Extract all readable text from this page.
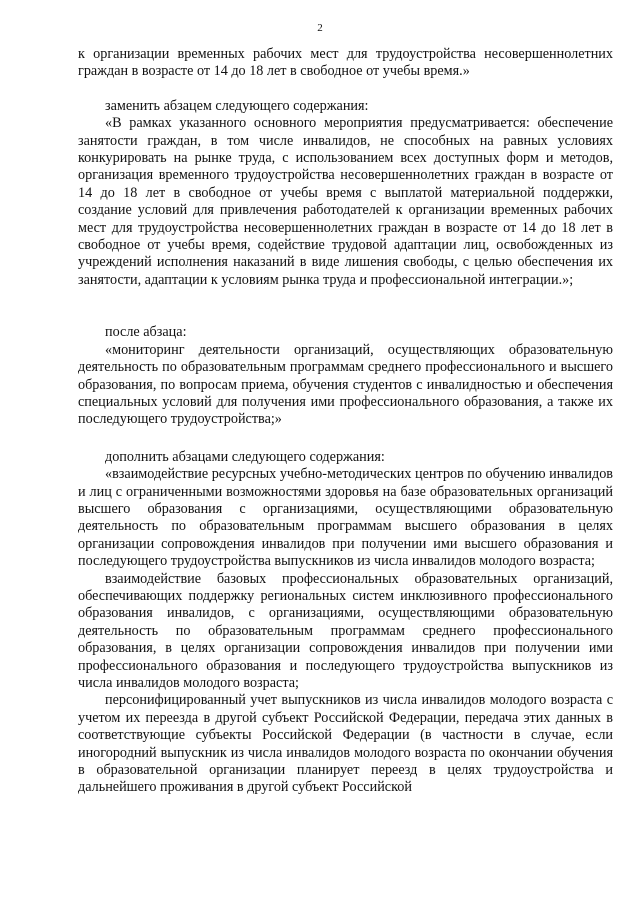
2

к организации временных рабочих мест для трудоустройства несовершеннолетних граждан в возрасте от 14 до 18 лет в свободное от учебы время.»

заменить абзацем следующего содержания:

«В рамках указанного основного мероприятия предусматривается: обеспечение занятости граждан, в том числе инвалидов, не способных на равных условиях конкурировать на рынке труда, с использованием всех доступных форм и методов, организация временного трудоустройства несовершеннолетних граждан в возрасте от 14 до 18 лет в свободное от учебы время с выплатой материальной поддержки, создание условий для привлечения работодателей к организации временных рабочих мест для трудоустройства несовершеннолетних граждан в возрасте от 14 до 18 лет в свободное от учебы время, содействие трудовой адаптации лиц, освобожденных из учреждений исполнения наказаний в виде лишения свободы, с целью обеспечения их занятости, адаптации к условиям рынка труда и профессиональной интеграции.»;

после абзаца:

«мониторинг деятельности организаций, осуществляющих образовательную деятельность по образовательным программам среднего профессионального и высшего образования, по вопросам приема, обучения студентов с инвалидностью и обеспечения специальных условий для получения ими профессионального образования, а также их последующего трудоустройства;»

дополнить абзацами следующего содержания:

«взаимодействие ресурсных учебно-методических центров по обучению инвалидов и лиц с ограниченными возможностями здоровья на базе образовательных организаций высшего образования с организациями, осуществляющими образовательную деятельность по образовательным программам высшего образования в целях организации сопровождения инвалидов при получении ими высшего образования и последующего трудоустройства выпускников из числа инвалидов молодого возраста;

взаимодействие базовых профессиональных образовательных организаций, обеспечивающих поддержку региональных систем инклюзивного профессионального образования инвалидов, с организациями, осуществляющими образовательную деятельность по образовательным программам среднего профессионального образования, в целях организации сопровождения инвалидов при получении ими профессионального образования и последующего трудоустройства выпускников из числа инвалидов молодого возраста;

персонифицированный учет выпускников из числа инвалидов молодого возраста с учетом их переезда в другой субъект Российской Федерации, передача этих данных в соответствующие субъекты Российской Федерации (в частности в случае, если иногородний выпускник из числа инвалидов молодого возраста по окончании обучения в образовательной организации планирует переезд в целях трудоустройства и дальнейшего проживания в другой субъект Российской
